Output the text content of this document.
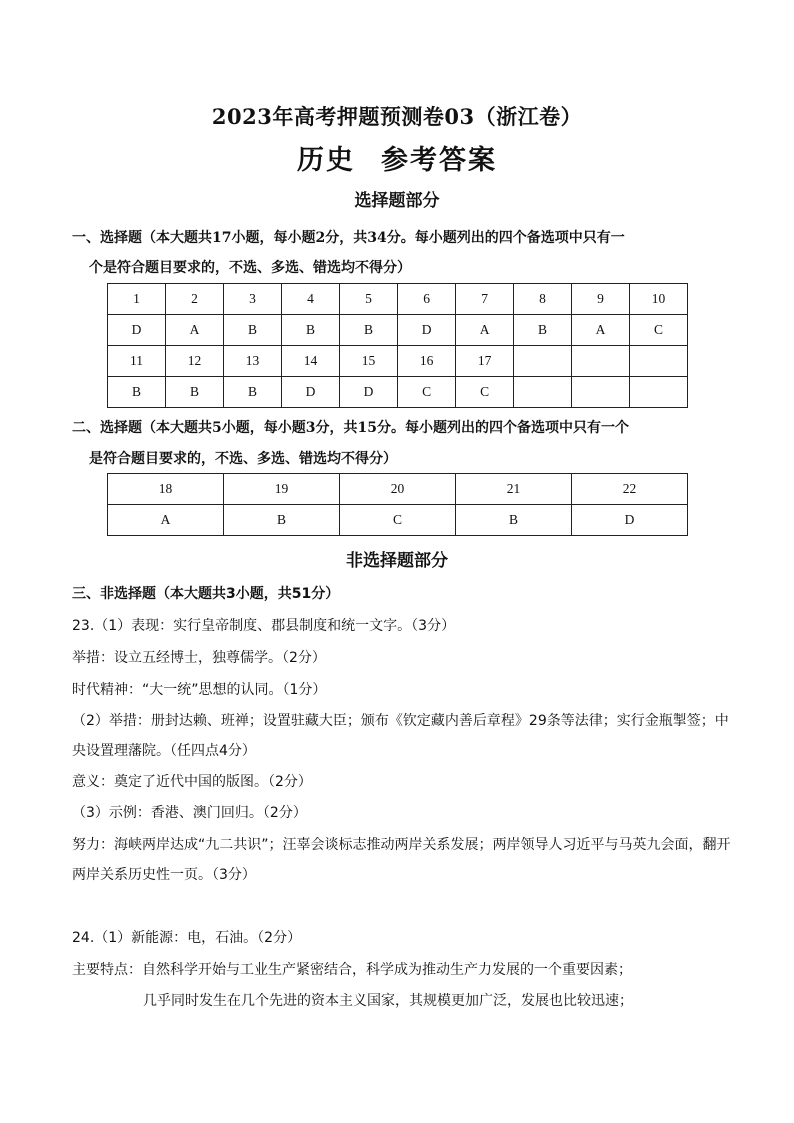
2023年高考押题预测卷03（浙江卷）
历史 参考答案
选择题部分
一、选择题（本大题共17小题，每小题2分，共34分。每小题列出的四个备选项中只有一
个是符合题目要求的，不选、多选、错选均不得分）
1	2	3	4	5	6	7	8	9	10
D	A	B	B	B	D	A	B	A	C
11	12	13	14	15	16	17			
B	B	B	D	D	C	C			
二、选择题（本大题共5小题，每小题3分，共15分。每小题列出的四个备选项中只有一个
是符合题目要求的，不选、多选、错选均不得分）
18	19	20	21	22
A	B	C	B	D
非选择题部分
三、非选择题（本大题共3小题，共51分）
23.（1）表现：实行皇帝制度、郡县制度和统一文字。（3分）
举措：设立五经博士，独尊儒学。（2分）
时代精神：“大一统”思想的认同。（1分）
（2）举措：册封达赖、班禅；设置驻藏大臣；颁布《钦定藏内善后章程》29条等法律；实行金瓶掣签；中
央设置理藩院。（任四点4分）
意义：奠定了近代中国的版图。（2分）
（3）示例：香港、澳门回归。（2分）
努力：海峡两岸达成“九二共识”；汪辜会谈标志推动两岸关系发展；两岸领导人习近平与马英九会面，翻开
两岸关系历史性一页。（3分）
24.（1）新能源：电，石油。（2分）
主要特点：自然科学开始与工业生产紧密结合，科学成为推动生产力发展的一个重要因素；
几乎同时发生在几个先进的资本主义国家，其规模更加广泛，发展也比较迅速；
